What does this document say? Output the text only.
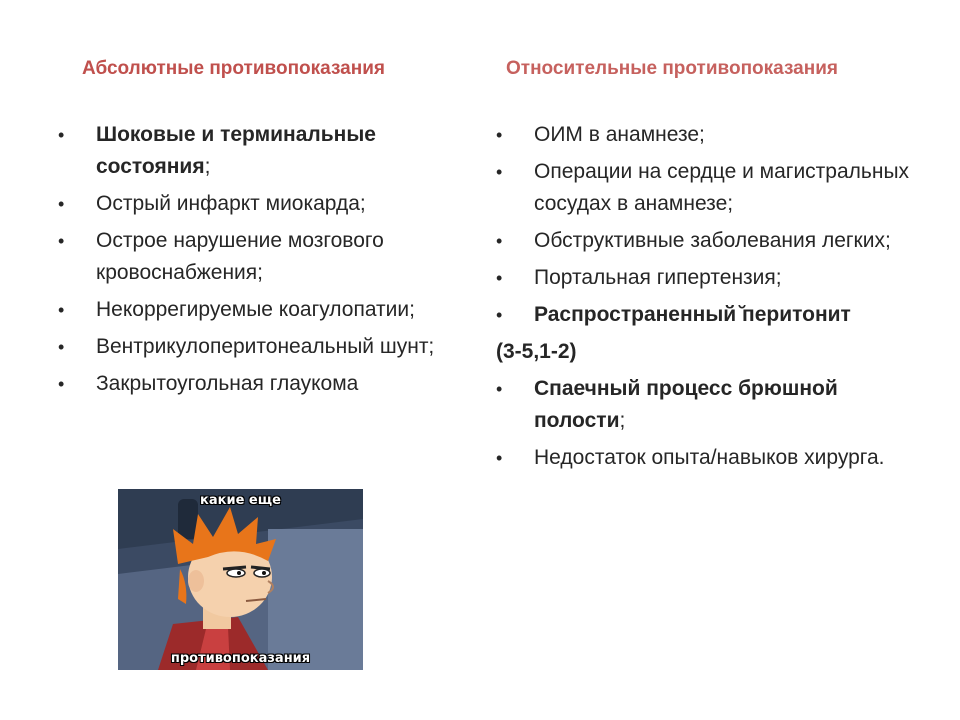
Абсолютные противопоказания
• Шоковые и терминальные состояния;
• Острый инфаркт миокарда;
• Острое нарушение мозгового кровоснабжения;
• Некоррегируемые коагулопатии;
• Вентрикулоперитонеальный шунт;
• Закрытоугольная глаукома
Относительные противопоказания
• ОИМ в анамнезе;
• Операции на сердце и магистральных сосудах в анамнезе;
• Обструктивные заболевания легких;
• Портальная гипертензия;
• Распространенный ̆перитонит
(3-5,1-2)
• Спаечный процесс брюшной полости;
• Недостаток опыта/навыков хирурга.
какие еще
противопоказания
